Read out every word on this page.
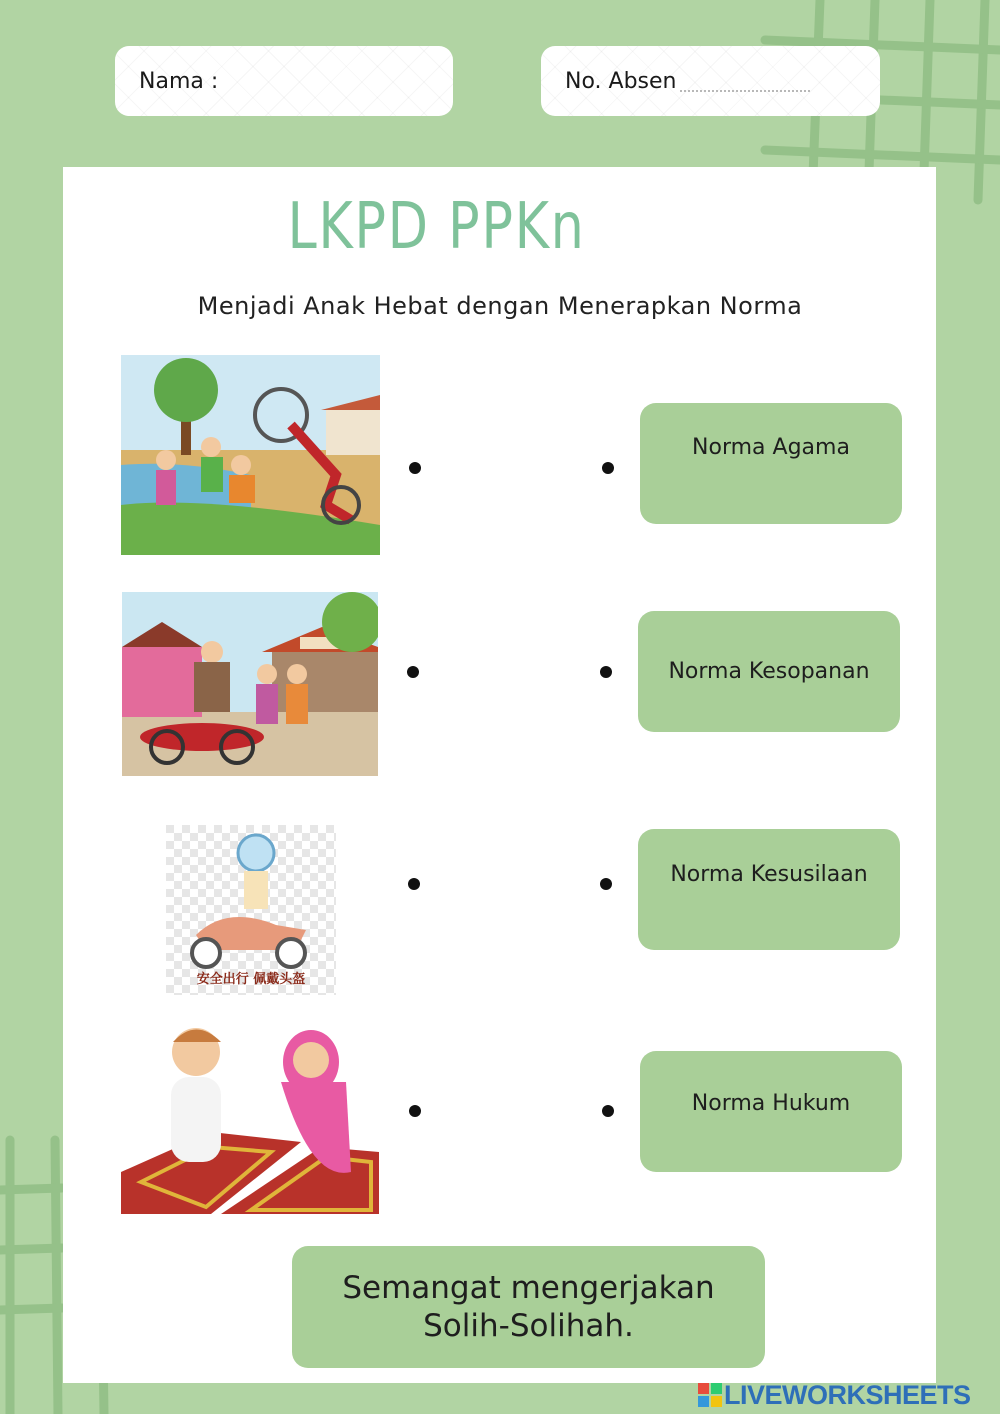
Nama :	No. Absen
LKPD PPKn
Menjadi Anak Hebat dengan Menerapkan Norma
安全出行 佩戴头盔
Norma Agama
Norma Kesopanan
Norma Kesusilaan
Norma Hukum
Semangat mengerjakan
Solih-Solihah.
LIVEWORKSHEETS
